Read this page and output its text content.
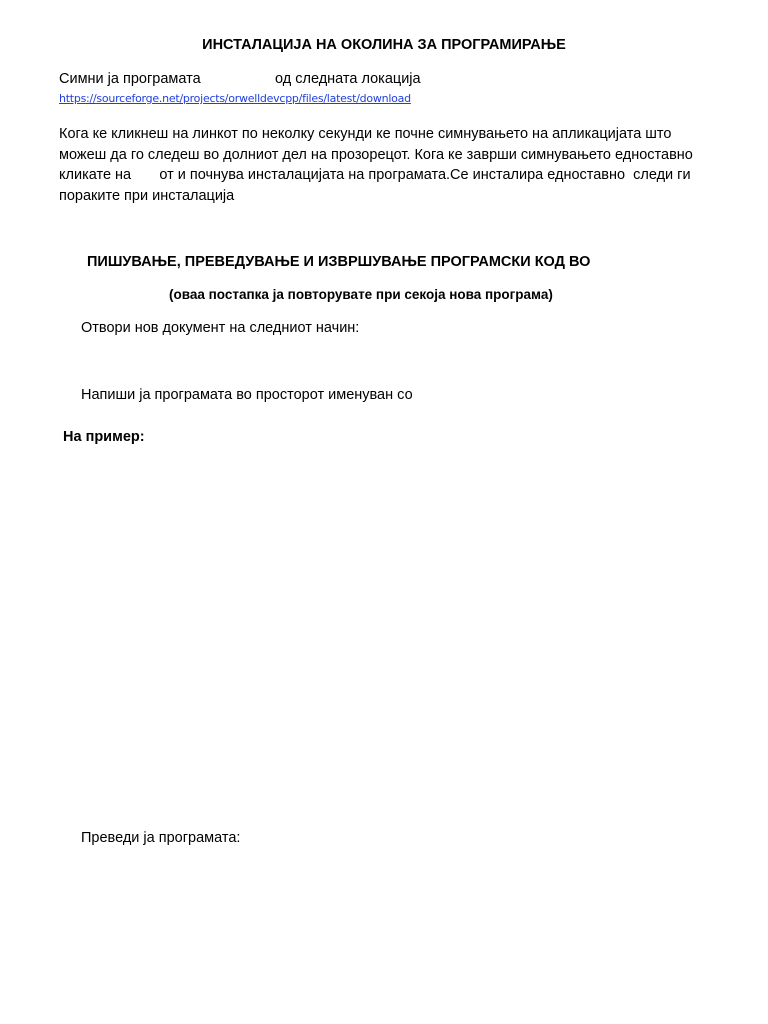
ИНСТАЛАЦИЈА НА ОКОЛИНА ЗА ПРОГРАМИРАЊЕ
Симни ја програмата	од следната локација
https://sourceforge.net/projects/orwelldevcpp/files/latest/download
Кога ке кликнеш на линкот по неколку секунди ке почне симнувањето на апликацијата што
можеш да го следеш во долниот дел на прозорецот. Кога ке заврши симнувањето едноставно
кликате на       от и почнува инсталацијата на програмата.Се инсталира едноставно  следи ги
пораките при инсталација
ПИШУВАЊЕ, ПРЕВЕДУВАЊЕ И ИЗВРШУВАЊЕ ПРОГРАМСКИ КОД ВО
(оваа постапка ја повторувате при секоја нова програма)
Отвори нов документ на следниот начин:
Напиши ја програмата во просторот именуван со
На пример:
Преведи ја програмата:
